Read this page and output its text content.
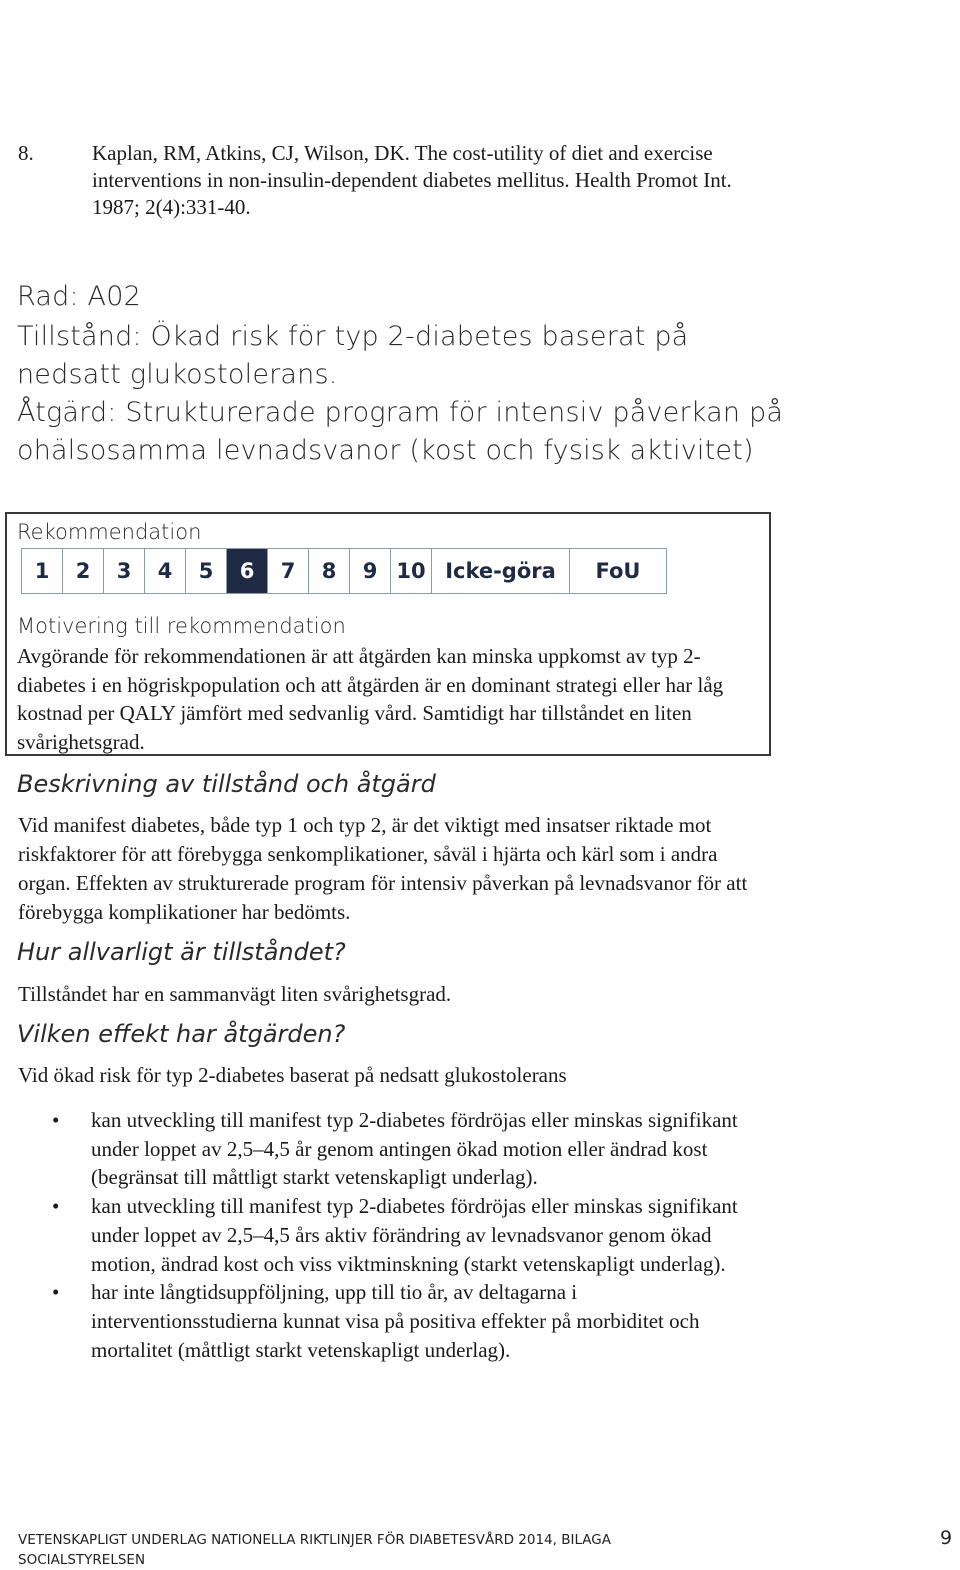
8.	Kaplan, RM, Atkins, CJ, Wilson, DK. The cost-utility of diet and exercise interventions in non-insulin-dependent diabetes mellitus. Health Promot Int. 1987; 2(4):331-40.
Rad: A02
Tillstånd: Ökad risk för typ 2-diabetes baserat på nedsatt glukostolerans.
Åtgärd: Strukturerade program för intensiv påverkan på ohälsosamma levnadsvanor (kost och fysisk aktivitet)
Rekommendation
1	2	3	4	5	6	7	8	9 10 Icke-göra	FoU
Motivering till rekommendation
Avgörande för rekommendationen är att åtgärden kan minska uppkomst av typ 2-diabetes i en högriskpopulation och att åtgärden är en dominant strategi eller har låg kostnad per QALY jämfört med sedvanlig vård. Samtidigt har tillståndet en liten svårighetsgrad.
Beskrivning av tillstånd och åtgärd
Vid manifest diabetes, både typ 1 och typ 2, är det viktigt med insatser riktade mot riskfaktorer för att förebygga senkomplikationer, såväl i hjärta och kärl som i andra organ. Effekten av strukturerade program för intensiv påverkan på levnadsvanor för att förebygga komplikationer har bedömts.
Hur allvarligt är tillståndet?
Tillståndet har en sammanvägt liten svårighetsgrad.
Vilken effekt har åtgärden?
Vid ökad risk för typ 2-diabetes baserat på nedsatt glukostolerans
• kan utveckling till manifest typ 2-diabetes fördröjas eller minskas signifikant under loppet av 2,5–4,5 år genom antingen ökad motion eller ändrad kost (begränsat till måttligt starkt vetenskapligt underlag).
• kan utveckling till manifest typ 2-diabetes fördröjas eller minskas signifikant under loppet av 2,5–4,5 års aktiv förändring av levnadsvanor genom ökad motion, ändrad kost och viss viktminskning (starkt vetenskapligt underlag).
• har inte långtidsuppföljning, upp till tio år, av deltagarna i interventionsstudierna kunnat visa på positiva effekter på morbiditet och mortalitet (måttligt starkt vetenskapligt underlag).
VETENSKAPLIGT UNDERLAG NATIONELLA RIKTLINJER FÖR DIABETESVÅRD 2014, BILAGA SOCIALSTYRELSEN
9
